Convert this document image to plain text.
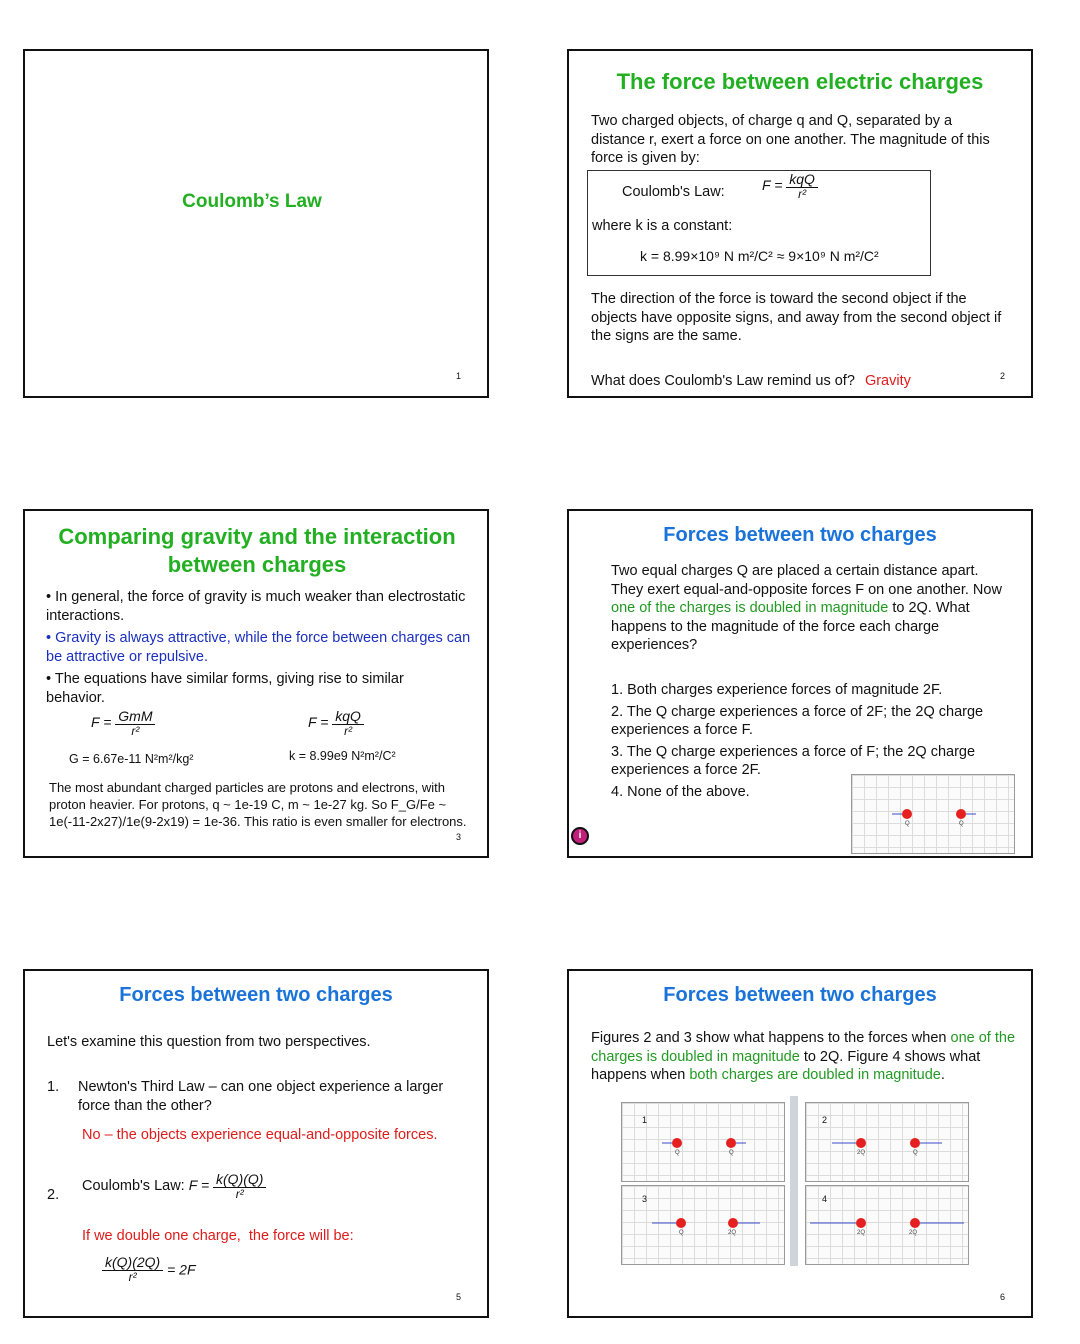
Coulomb’s Law
1
The force between electric charges
Two charged objects, of charge q and Q, separated by a distance r, exert a force on one another. The magnitude of this force is given by:
Coulomb's Law:	$F = \frac{\text{kqQ}}{\text{r²}}$
where k is a constant:
k = 8.99×10⁹ N m²/C² ≈ 9×10⁹ N m²/C²
The direction of the force is toward the second object if the objects have opposite signs, and away from the second object if the signs are the same.
What does Coulomb's Law remind us of? Gravity	2
Comparing gravity and the interaction between charges
• In general, the force of gravity is much weaker than electrostatic interactions.
• Gravity is always attractive, while the force between charges can be attractive or repulsive.
• The equations have similar forms, giving rise to similar behavior.
$F = \frac{\text{GmM}}{\text{r²}}$	$F = \frac{\text{kqQ}}{\text{r²}}$
G = 6.67e-11 N²m²/kg²	k = 8.99e9 N²m²/C²
The most abundant charged particles are protons and electrons, with proton heavier. For protons, q ~ 1e-19 C, m ~ 1e-27 kg. So F_G/Fe ~ 1e(-11-2x27)/1e(9-2x19) = 1e-36. This ratio is even smaller for electrons.
3
Forces between two charges
Two equal charges Q are placed a certain distance apart. They exert equal-and-opposite forces F on one another. Now one of the charges is doubled in magnitude to 2Q. What happens to the magnitude of the force each charge experiences?
1. Both charges experience forces of magnitude 2F.
2. The Q charge experiences a force of 2F; the 2Q charge experiences a force F.
3. The Q charge experiences a force of F; the 2Q charge experiences a force 2F.
4. None of the above.
i
Q	Q
Forces between two charges
Let's examine this question from two perspectives.
1. Newton's Third Law – can one object experience a larger force than the other?
No – the objects experience equal-and-opposite forces.
2.
Coulomb's Law: $F = \frac{k(Q)(Q)}{\text{r²}}$
If we double one charge,  the force will be:
$\frac{k(Q)(2Q)}{\text{r²}} = 2F$
5
Forces between two charges
Figures 2 and 3 show what happens to the forces when one of the charges is doubled in magnitude to 2Q. Figure 4 shows what happens when both charges are doubled in magnitude.
1
Q	Q
2
2Q	Q
3
Q	2Q
4
2Q	2Q
6
